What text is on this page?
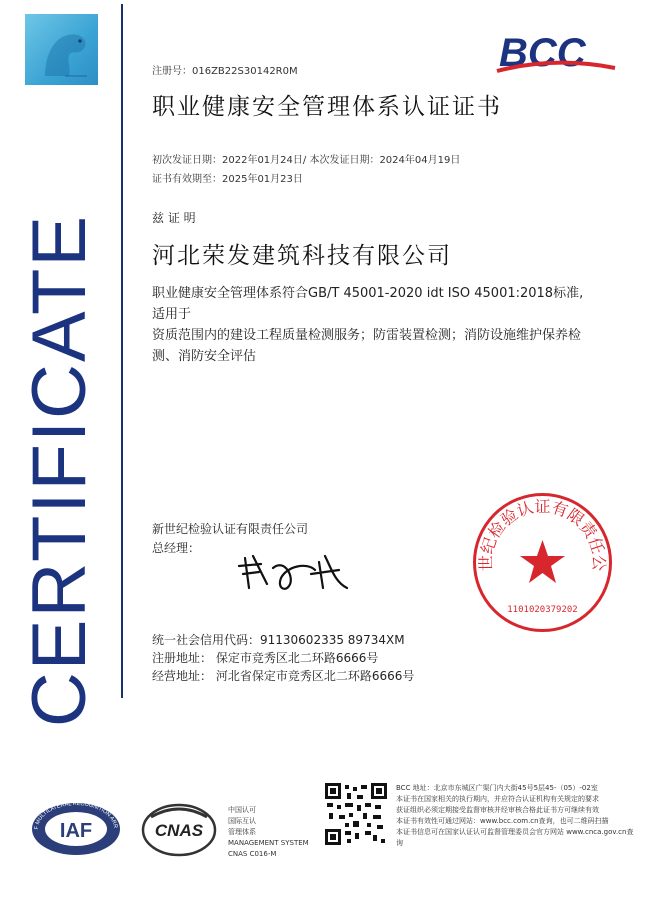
CERTIFICATE
BCC
注册号：016ZB22S30142R0M
职业健康安全管理体系认证证书
初次发证日期：2022年01月24日/ 本次发证日期：2024年04月19日
证书有效期至：2025年01月23日
兹 证 明
河北荣发建筑科技有限公司
职业健康安全管理体系符合GB/T 45001-2020 idt ISO 45001:2018标准,适用于
资质范围内的建设工程质量检测服务；防雷装置检测；消防设施维护保养检
测、消防安全评估
新世纪检验认证有限责任公司
总经理：
世纪检验认证有限责任公
1101020379202
统一社会信用代码：91130602335 89734XM
注册地址： 保定市竞秀区北二环路6666号
经营地址： 河北省保定市竞秀区北二环路6666号
F MULTILATERAL RECOGNITION ARR
IAF	CNAS
中国认可
国际互认
管理体系
MANAGEMENT SYSTEM
CNAS C016-M
BCC 地址：北京市东城区广渠门内大街45号5层45-（05）-02室
本证书在国家相关的执行期内，并应符合认证机构有关规定的要求
获证组织必须定期接受监督审核并经审核合格此证书方可继续有效
本证书有效性可通过网站：www.bcc.com.cn查询，也可二维码扫描
本证书信息可在国家认证认可监督管理委员会官方网站 www.cnca.gov.cn查询
